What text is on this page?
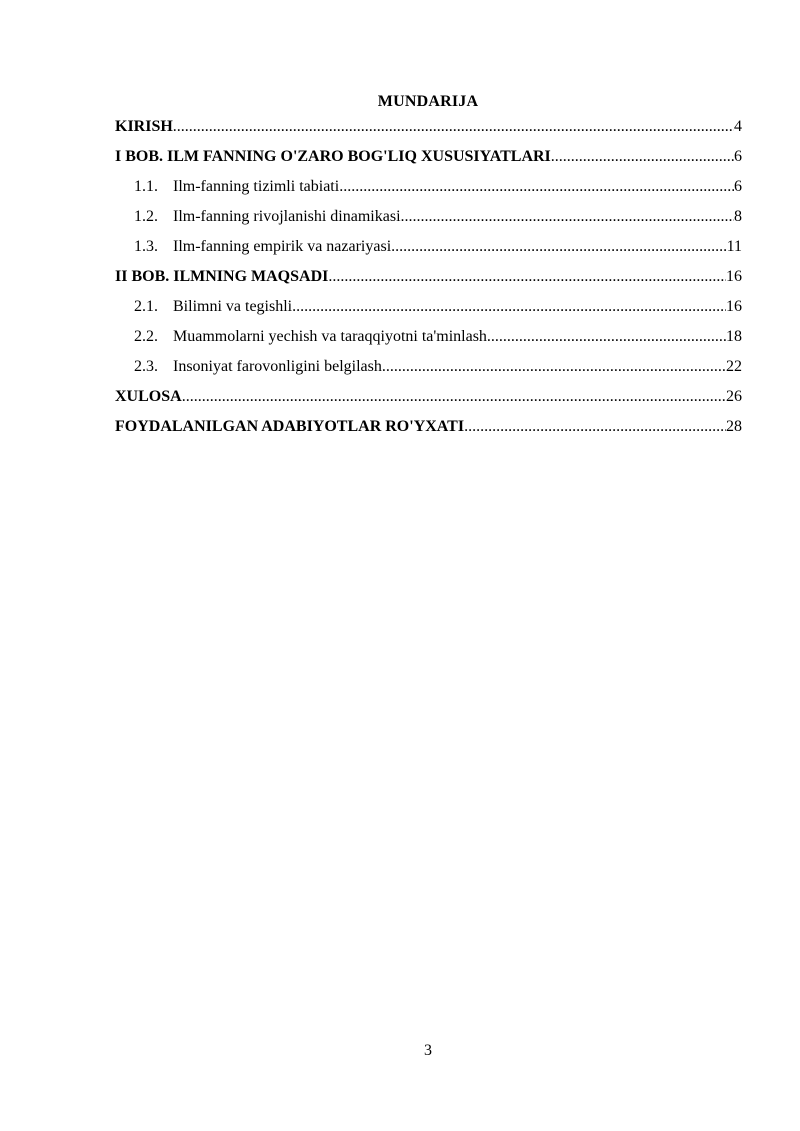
MUNDARIJA
KIRISH .....	4
I BOB. ILM FANNING O'ZARO BOG'LIQ XUSUSIYATLARI .....	6
1.1. Ilm-fanning tizimli tabiati .....	6
1.2. Ilm-fanning rivojlanishi dinamikasi .....	8
1.3. Ilm-fanning empirik va nazariyasi .....	11
II BOB. ILMNING MAQSADI .....	16
2.1. Bilimni va tegishli .....	16
2.2. Muammolarni yechish va taraqqiyotni ta'minlash .....	18
2.3. Insoniyat farovonligini belgilash .....	22
XULOSA .....	26
FOYDALANILGAN ADABIYOTLAR RO'YXATI .....	28
3
